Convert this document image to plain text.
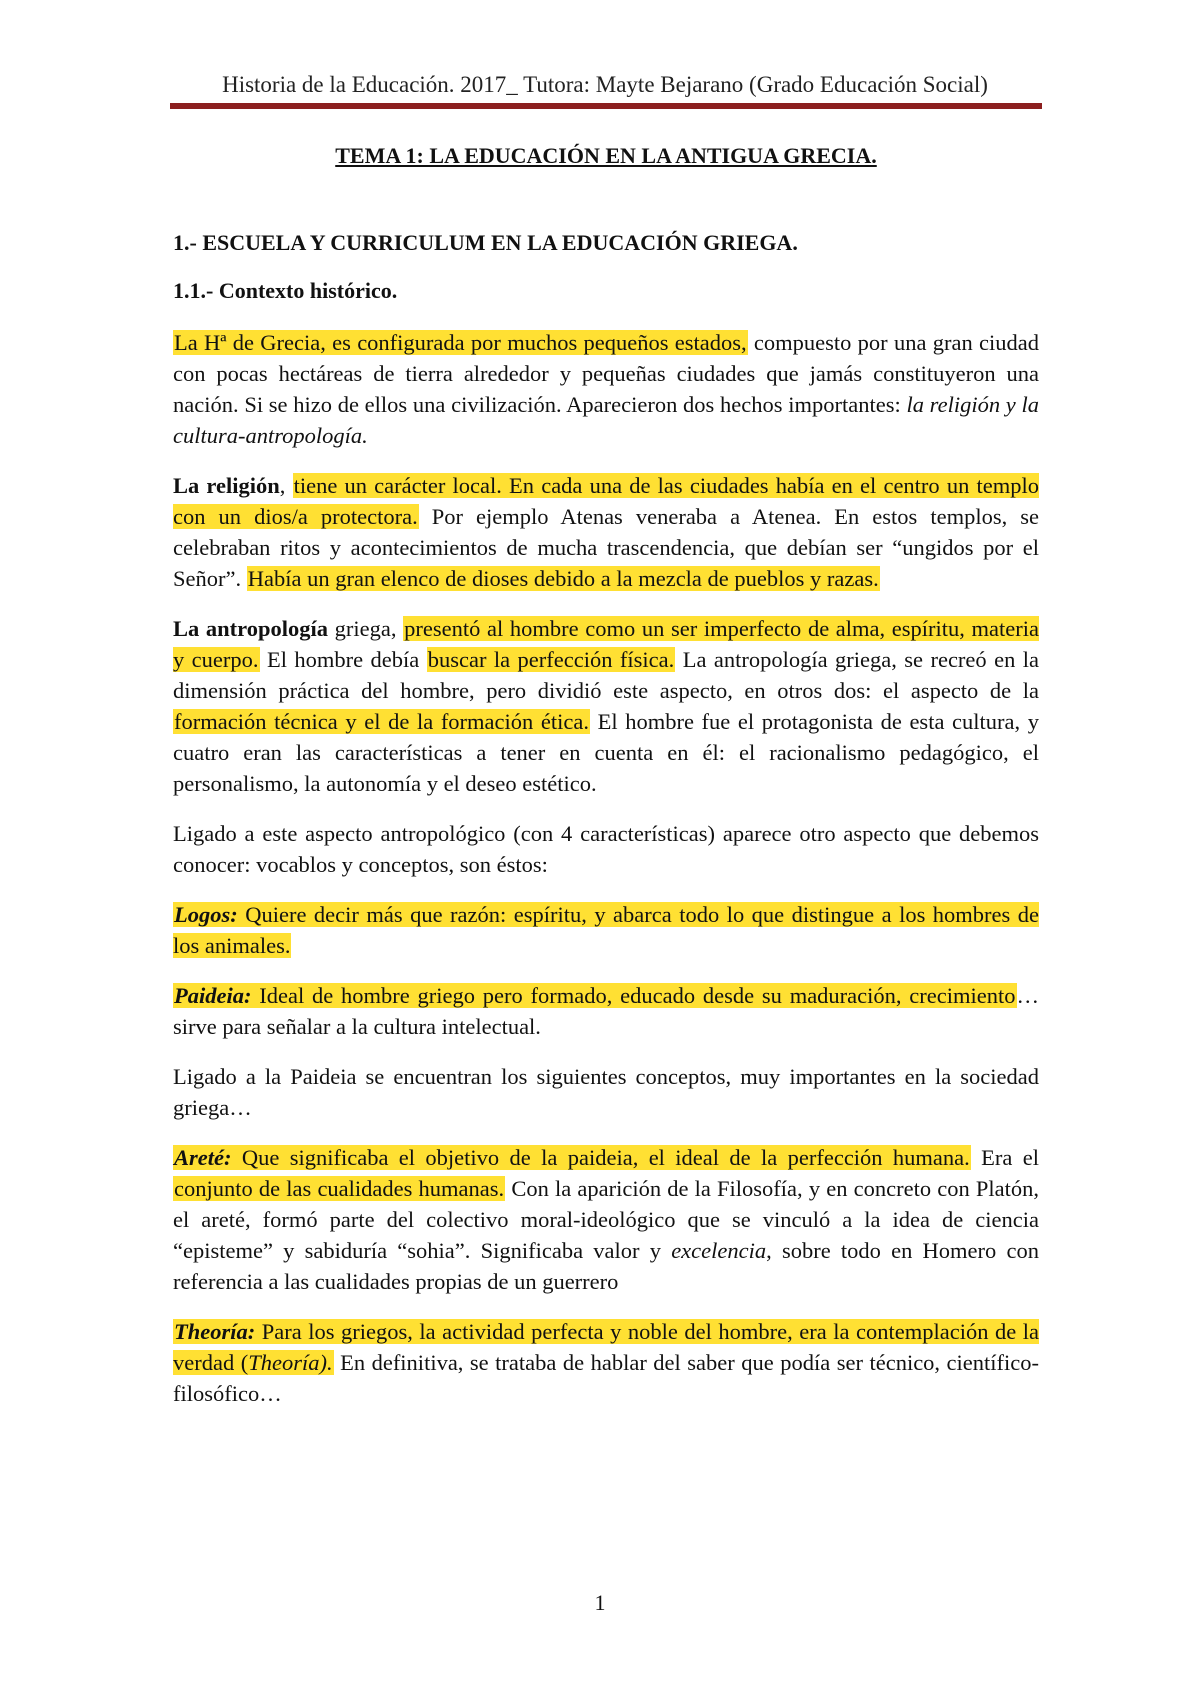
Historia de la Educación. 2017_ Tutora: Mayte Bejarano (Grado Educación Social)
TEMA 1: LA EDUCACIÓN EN LA ANTIGUA GRECIA.
1.- ESCUELA Y CURRICULUM EN LA EDUCACIÓN GRIEGA.
1.1.- Contexto histórico.

La Hª de Grecia, es configurada por muchos pequeños estados, compuesto por una gran ciudad con pocas hectáreas de tierra alrededor y pequeñas ciudades que jamás constituyeron una nación. Si se hizo de ellos una civilización. Aparecieron dos hechos importantes: la religión y la cultura-antropología.

La religión, tiene un carácter local. En cada una de las ciudades había en el centro un templo con un dios/a protectora. Por ejemplo Atenas veneraba a Atenea. En estos templos, se celebraban ritos y acontecimientos de mucha trascendencia, que debían ser “ungidos por el Señor”. Había un gran elenco de dioses debido a la mezcla de pueblos y razas.

La antropología griega, presentó al hombre como un ser imperfecto de alma, espíritu, materia y cuerpo. El hombre debía buscar la perfección física. La antropología griega, se recreó en la dimensión práctica del hombre, pero dividió este aspecto, en otros dos: el aspecto de la formación técnica y el de la formación ética. El hombre fue el protagonista de esta cultura, y cuatro eran las características a tener en cuenta en él: el racionalismo pedagógico, el personalismo, la autonomía y el deseo estético.

Ligado a este aspecto antropológico (con 4 características) aparece otro aspecto que debemos conocer: vocablos y conceptos, son éstos:

Logos: Quiere decir más que razón: espíritu, y abarca todo lo que distingue a los hombres de los animales.

Paideia: Ideal de hombre griego pero formado, educado desde su maduración, crecimiento… sirve para señalar a la cultura intelectual.

Ligado a la Paideia se encuentran los siguientes conceptos, muy importantes en la sociedad griega…

Areté: Que significaba el objetivo de la paideia, el ideal de la perfección humana. Era el conjunto de las cualidades humanas. Con la aparición de la Filosofía, y en concreto con Platón, el areté, formó parte del colectivo moral-ideológico que se vinculó a la idea de ciencia “episteme” y sabiduría “sohia”. Significaba valor y excelencia, sobre todo en Homero con referencia a las cualidades propias de un guerrero

Theoría: Para los griegos, la actividad perfecta y noble del hombre, era la contemplación de la verdad (Theoría). En definitiva, se trataba de hablar del saber que podía ser técnico, científico-filosófico…

1
